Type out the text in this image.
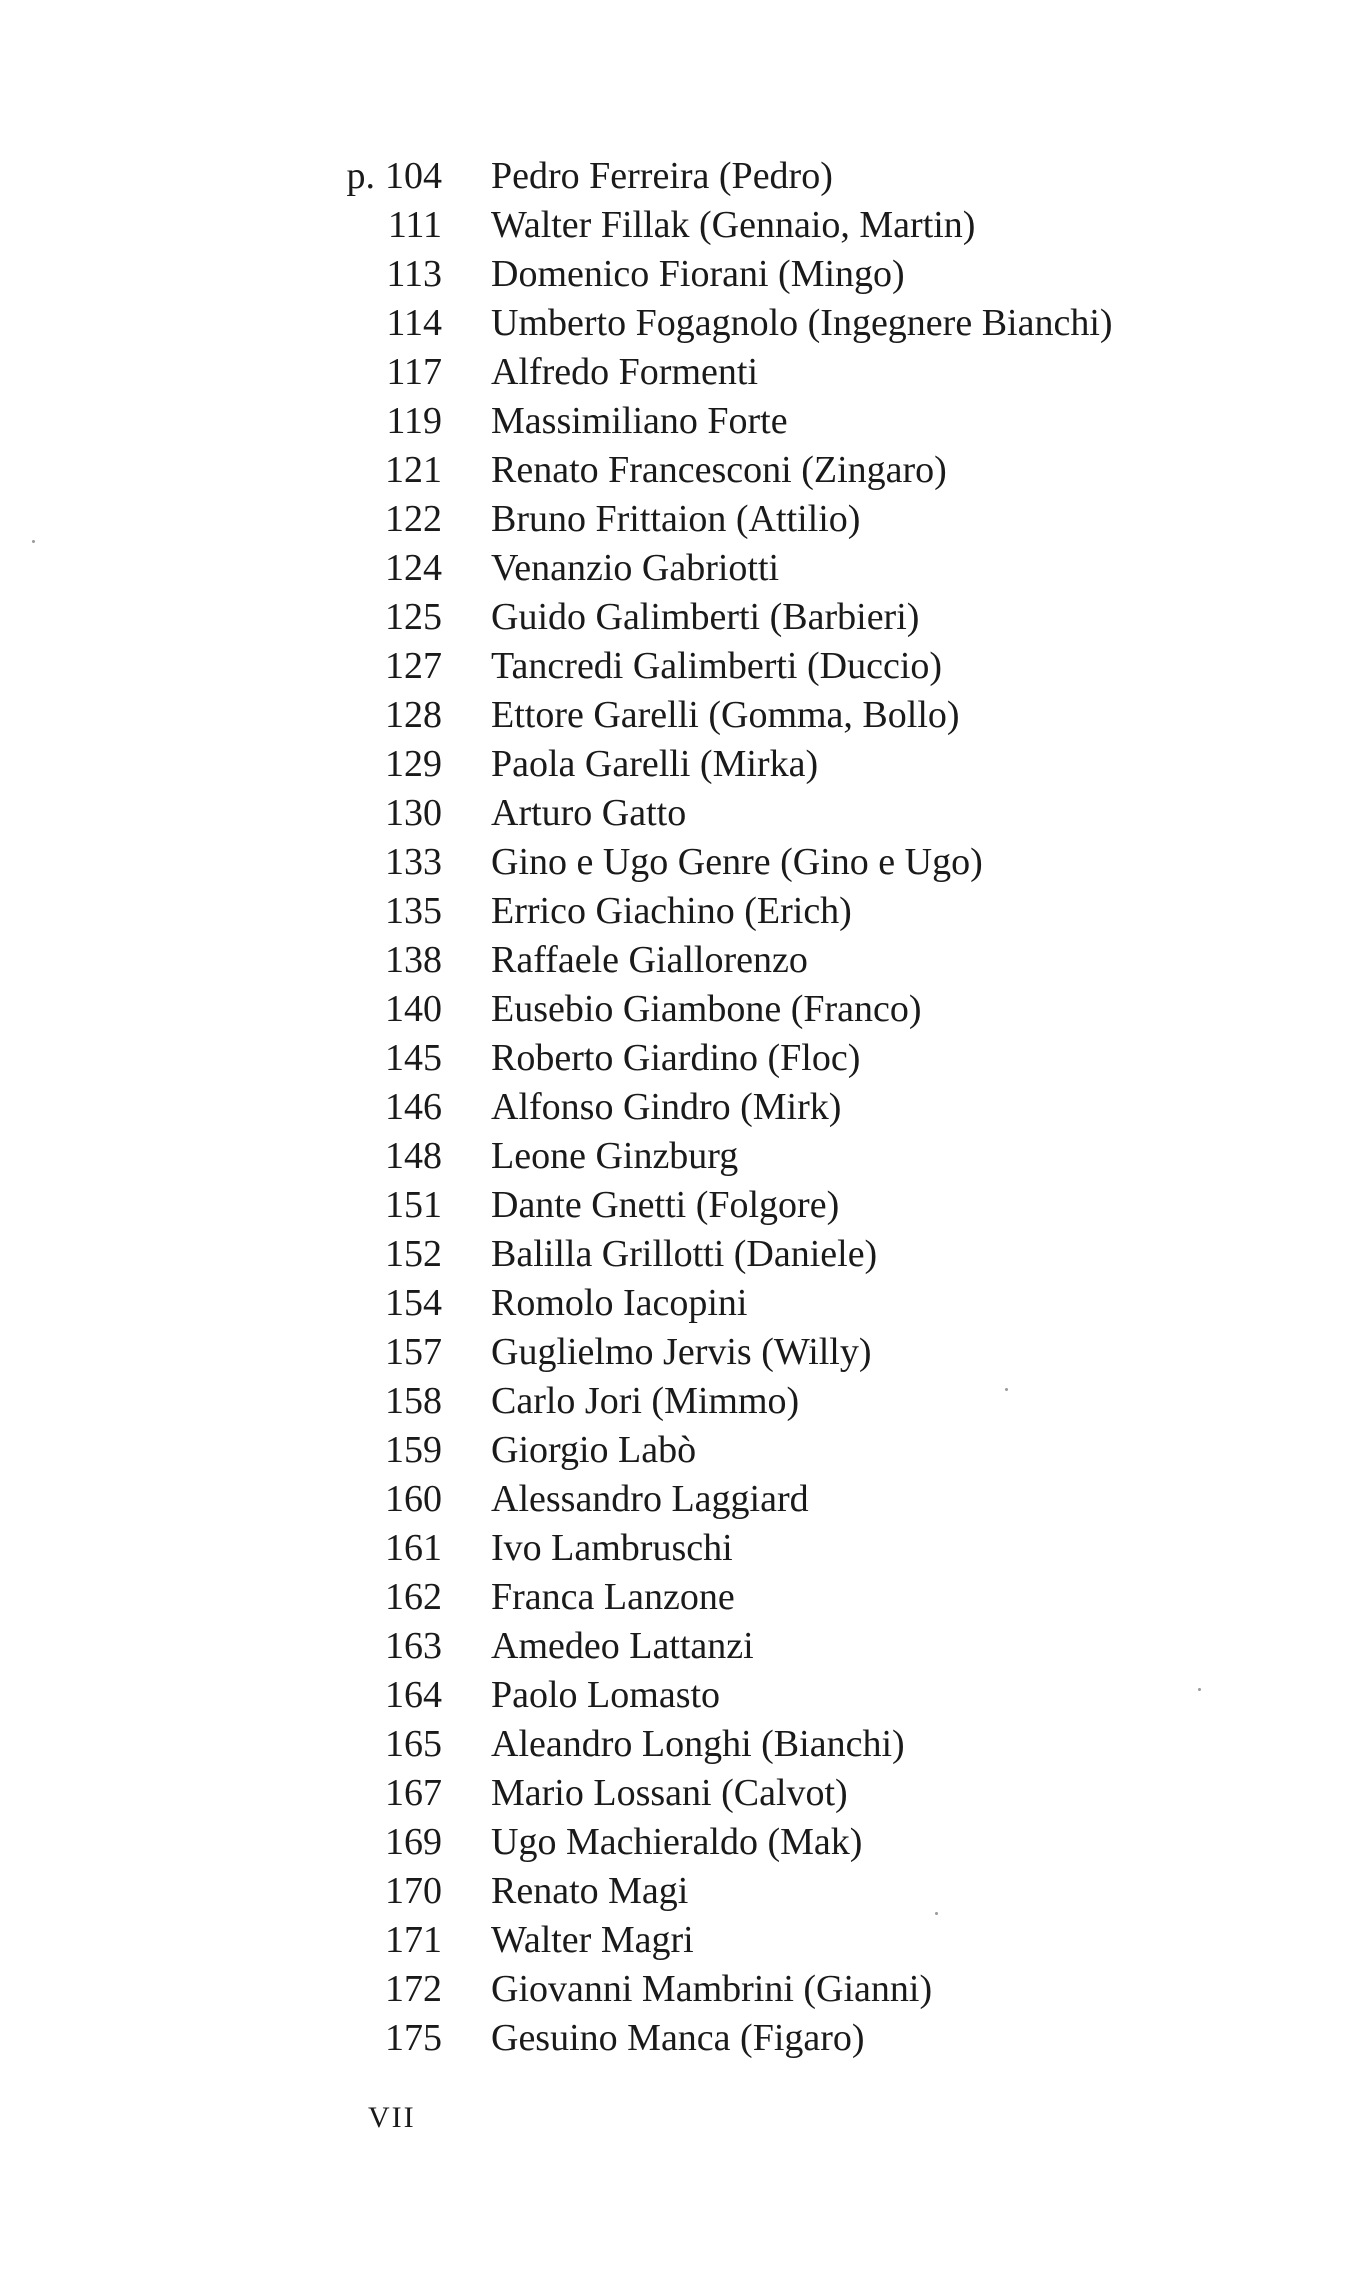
p. 104 Pedro Ferreira (Pedro)
111 Walter Fillak (Gennaio, Martin)
113 Domenico Fiorani (Mingo)
114 Umberto Fogagnolo (Ingegnere Bianchi)
117 Alfredo Formenti
119 Massimiliano Forte
121 Renato Francesconi (Zingaro)
122 Bruno Frittaion (Attilio)
124 Venanzio Gabriotti
125 Guido Galimberti (Barbieri)
127 Tancredi Galimberti (Duccio)
128 Ettore Garelli (Gomma, Bollo)
129 Paola Garelli (Mirka)
130 Arturo Gatto
133 Gino e Ugo Genre (Gino e Ugo)
135 Errico Giachino (Erich)
138 Raffaele Giallorenzo
140 Eusebio Giambone (Franco)
145 Roberto Giardino (Floc)
146 Alfonso Gindro (Mirk)
148 Leone Ginzburg
151 Dante Gnetti (Folgore)
152 Balilla Grillotti (Daniele)
154 Romolo Iacopini
157 Guglielmo Jervis (Willy)
158 Carlo Jori (Mimmo)
159 Giorgio Labò
160 Alessandro Laggiard
161 Ivo Lambruschi
162 Franca Lanzone
163 Amedeo Lattanzi
164 Paolo Lomasto
165 Aleandro Longhi (Bianchi)
167 Mario Lossani (Calvot)
169 Ugo Machieraldo (Mak)
170 Renato Magi
171 Walter Magri
172 Giovanni Mambrini (Gianni)
175 Gesuino Manca (Figaro)
VII
